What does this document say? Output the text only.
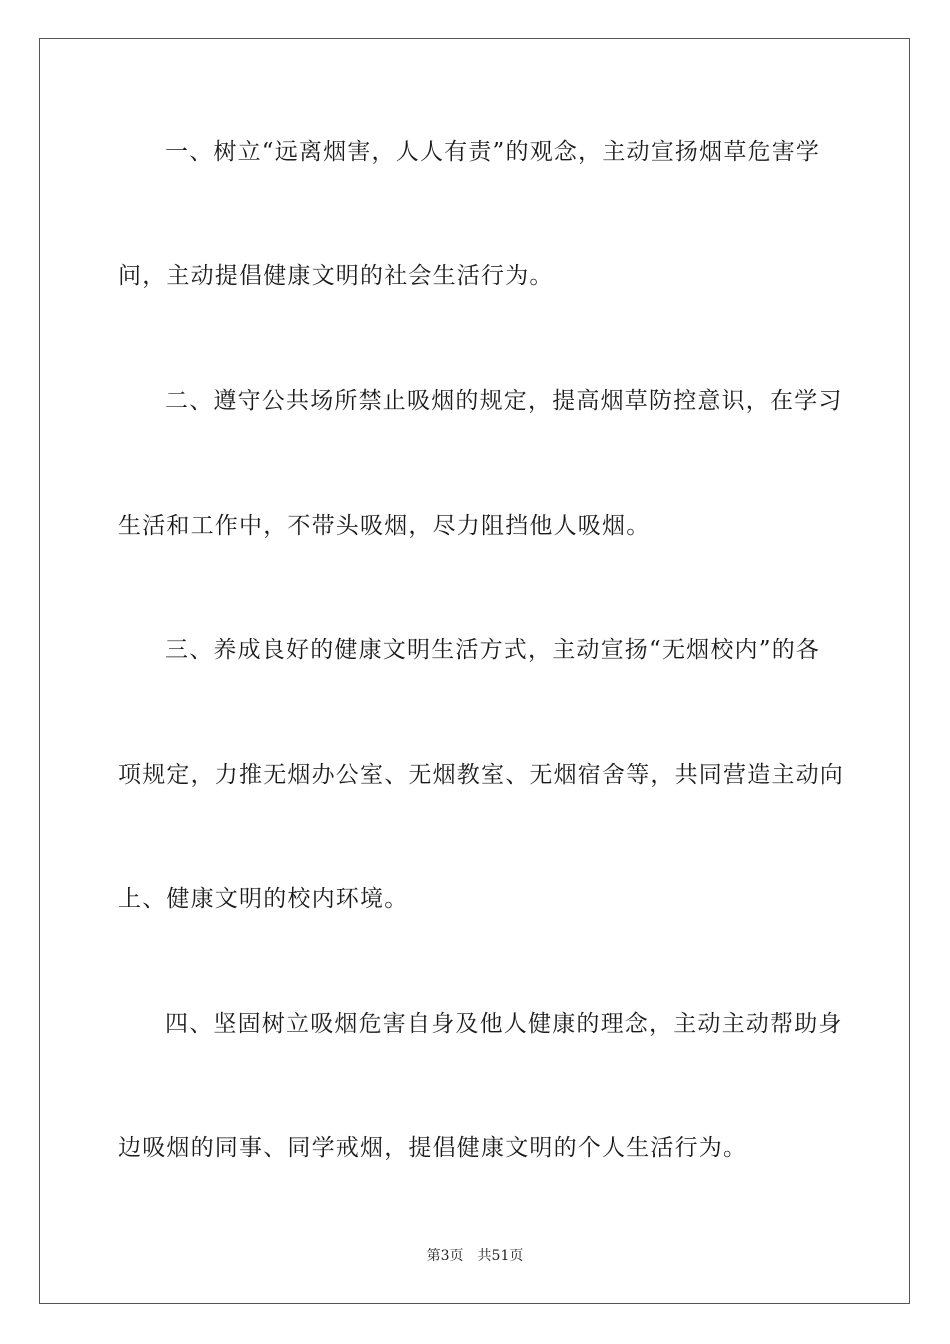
一、树立“远离烟害，人人有责”的观念，主动宣扬烟草危害学
问，主动提倡健康文明的社会生活行为。
二、遵守公共场所禁止吸烟的规定，提高烟草防控意识，在学习
生活和工作中，不带头吸烟，尽力阻挡他人吸烟。
三、养成良好的健康文明生活方式，主动宣扬“无烟校内”的各
项规定，力推无烟办公室、无烟教室、无烟宿舍等，共同营造主动向
上、健康文明的校内环境。
四、坚固树立吸烟危害自身及他人健康的理念，主动主动帮助身
边吸烟的同事、同学戒烟，提倡健康文明的个人生活行为。
第3页 共51页
